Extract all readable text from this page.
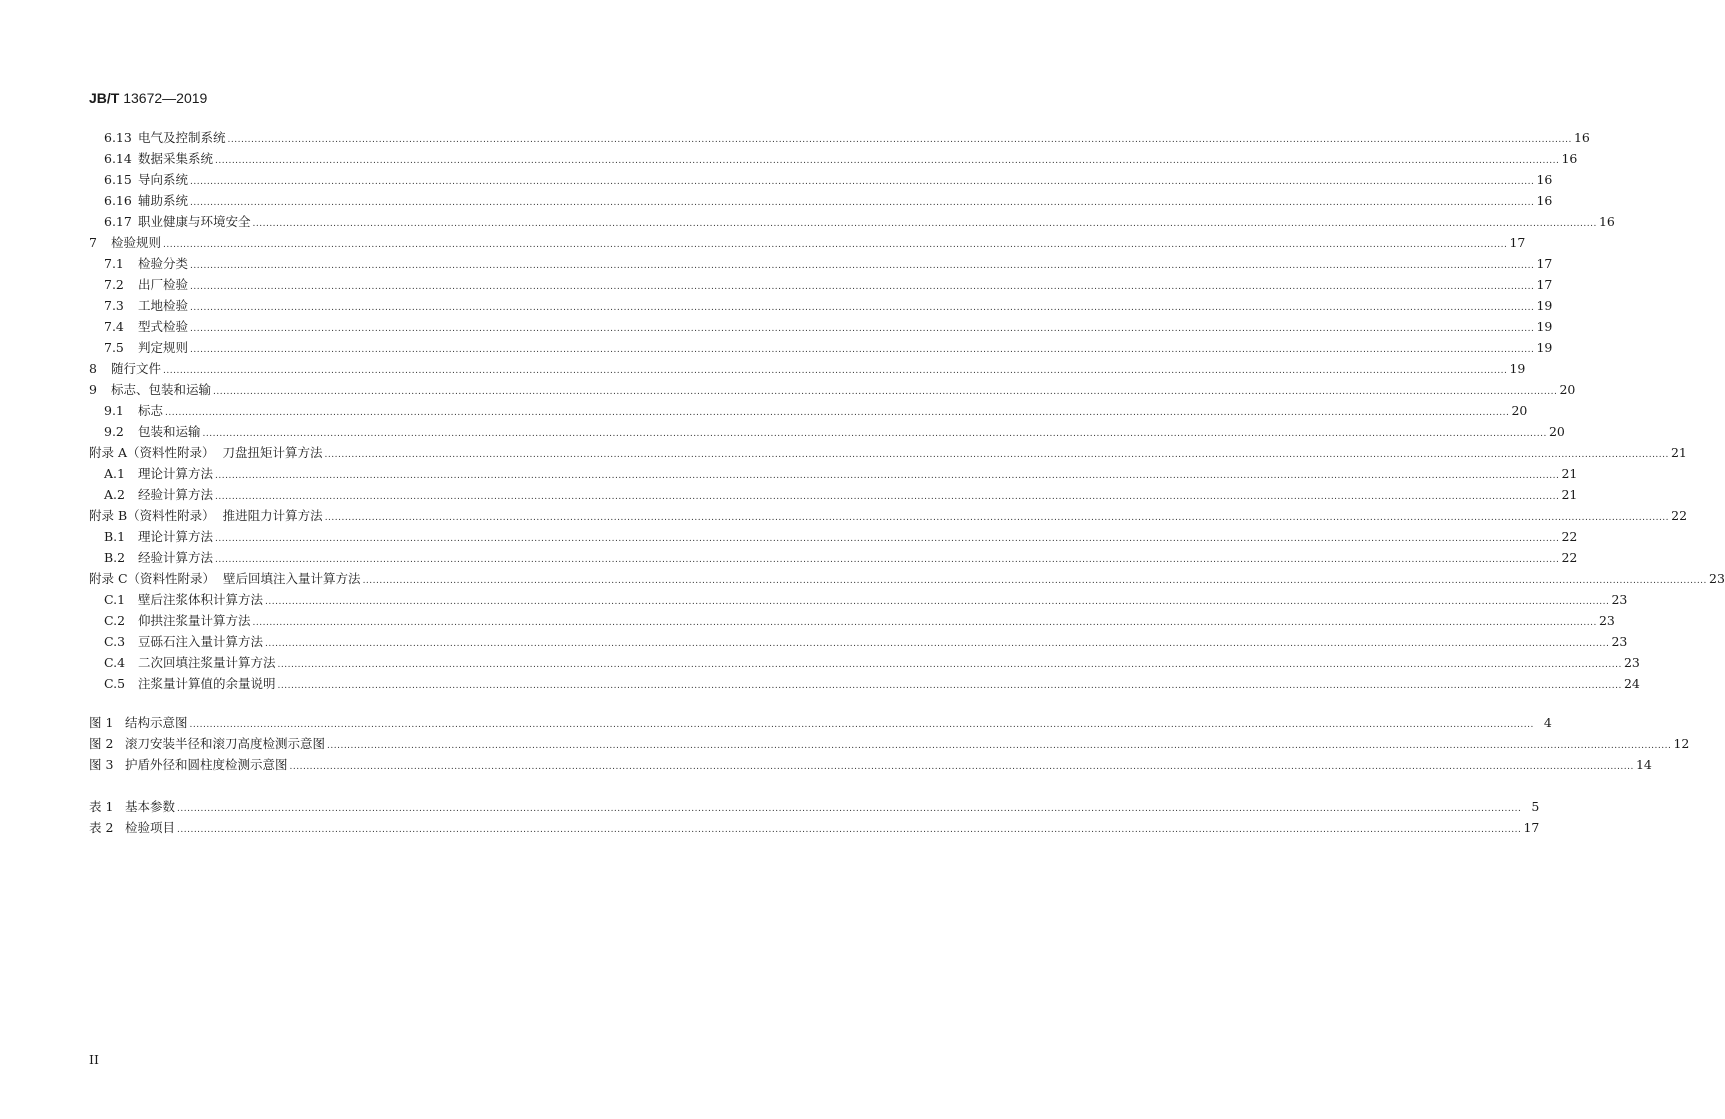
JB/T 13672—2019
6.13 电气及控制系统 ................................................................................................................................................................................................................................................................................................................................................................................................................ 16
6.14 数据采集系统 ................................................................................................................................................................................................................................................................................................................................................................................................................ 16
6.15 导向系统 ................................................................................................................................................................................................................................................................................................................................................................................................................ 16
6.16 辅助系统 ................................................................................................................................................................................................................................................................................................................................................................................................................ 16
6.17 职业健康与环境安全 ................................................................................................................................................................................................................................................................................................................................................................................................................ 16
7	检验规则 ................................................................................................................................................................................................................................................................................................................................................................................................................ 17
7.1	检验分类 ................................................................................................................................................................................................................................................................................................................................................................................................................ 17
7.2	出厂检验 ................................................................................................................................................................................................................................................................................................................................................................................................................ 17
7.3	工地检验 ................................................................................................................................................................................................................................................................................................................................................................................................................ 19
7.4	型式检验 ................................................................................................................................................................................................................................................................................................................................................................................................................ 19
7.5	判定规则 ................................................................................................................................................................................................................................................................................................................................................................................................................ 19
8	随行文件 ................................................................................................................................................................................................................................................................................................................................................................................................................ 19
9	标志、包装和运输 ................................................................................................................................................................................................................................................................................................................................................................................................................ 20
9.1	标志 ................................................................................................................................................................................................................................................................................................................................................................................................................ 20
9.2	包装和运输 ................................................................................................................................................................................................................................................................................................................................................................................................................ 20
附录 A（资料性附录） 刀盘扭矩计算方法 ................................................................................................................................................................................................................................................................................................................................................................................................................ 21
A.1	理论计算方法 ................................................................................................................................................................................................................................................................................................................................................................................................................ 21
A.2	经验计算方法 ................................................................................................................................................................................................................................................................................................................................................................................................................ 21
附录 B（资料性附录） 推进阻力计算方法 ................................................................................................................................................................................................................................................................................................................................................................................................................ 22
B.1	理论计算方法 ................................................................................................................................................................................................................................................................................................................................................................................................................ 22
B.2	经验计算方法 ................................................................................................................................................................................................................................................................................................................................................................................................................ 22
附录 C（资料性附录） 壁后回填注入量计算方法 ................................................................................................................................................................................................................................................................................................................................................................................................................ 23
C.1	壁后注浆体积计算方法 ................................................................................................................................................................................................................................................................................................................................................................................................................ 23
C.2	仰拱注浆量计算方法 ................................................................................................................................................................................................................................................................................................................................................................................................................ 23
C.3	豆砾石注入量计算方法 ................................................................................................................................................................................................................................................................................................................................................................................................................ 23
C.4	二次回填注浆量计算方法 ................................................................................................................................................................................................................................................................................................................................................................................................................ 23
C.5	注浆量计算值的余量说明 ................................................................................................................................................................................................................................................................................................................................................................................................................ 24
图 1 结构示意图 ................................................................................................................................................................................................................................................................................................................................................................................................................ 4
图 2 滚刀安装半径和滚刀高度检测示意图 ................................................................................................................................................................................................................................................................................................................................................................................................................ 12
图 3 护盾外径和圆柱度检测示意图 ................................................................................................................................................................................................................................................................................................................................................................................................................ 14
表 1 基本参数 ................................................................................................................................................................................................................................................................................................................................................................................................................ 5
表 2 检验项目 ................................................................................................................................................................................................................................................................................................................................................................................................................ 17
II
